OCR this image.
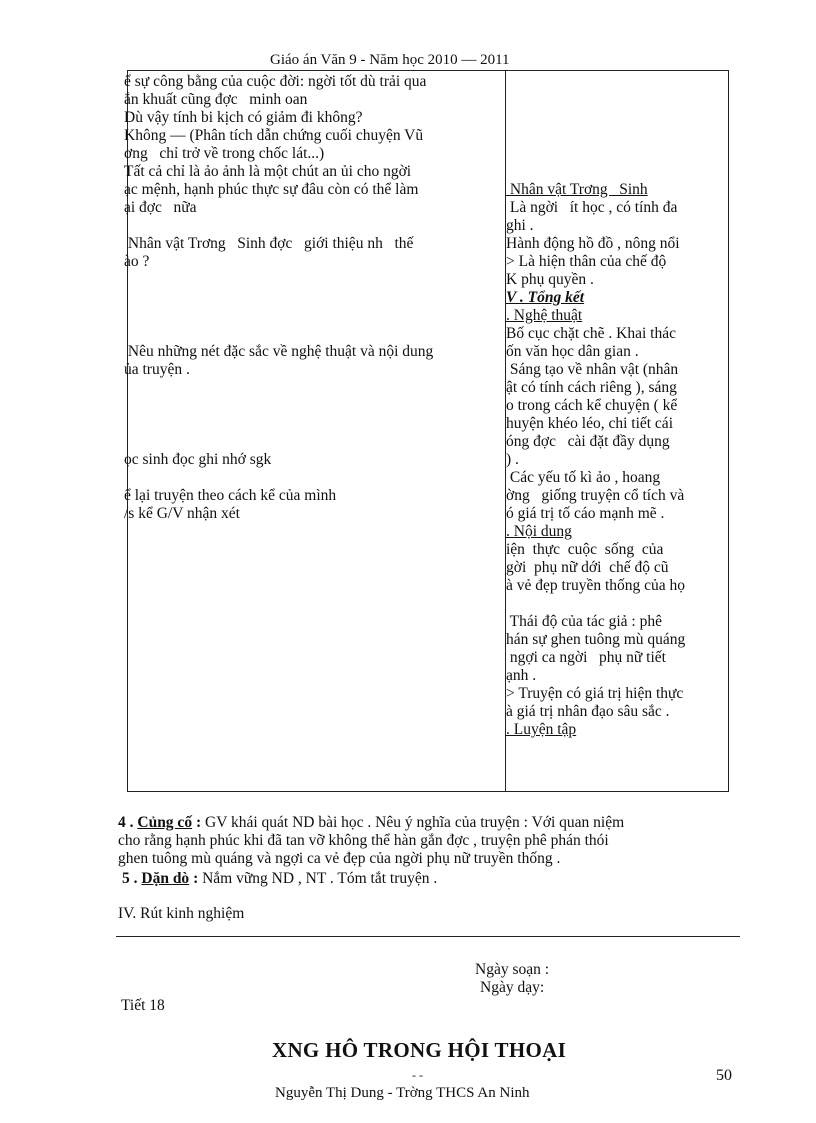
Giáo án Văn 9 - Năm học 2010 — 2011
ể sự công bằng của cuộc đời: ngời tốt dù trải qua
ắn khuất cũng đợc   minh oan
Dù vậy tính bi kịch có giảm đi không?
Không — (Phân tích dẫn chứng cuối chuyện Vũ
ơng   chỉ trở về trong chốc lát...)
Tất cả chỉ là ảo ảnh là một chút an ủi cho ngời
ạc mệnh, hạnh phúc thực sự đâu còn có thể làm
ại đợc   nữa
Nhân vật Trơng   Sinh đợc   giới thiệu nh   thế
ào ?
Nêu những nét đặc sắc về nghệ thuật và nội dung
ủa truyện .
ọc sinh đọc ghi nhớ sgk
ể lại truyện theo cách kể của mình
/s kể G/V nhận xét
Nhân vật Trơng   Sinh
Là ngời   ít học , có tính đa
ghi .
Hành động hồ đồ , nông nổi
> Là hiện thân của chế độ
K phụ quyền .
V . Tổng kết
. Nghệ thuật
Bố cục chặt chẽ . Khai thác
ốn văn học dân gian .
Sáng tạo về nhân vật (nhân
ật có tính cách riêng ), sáng
o trong cách kể chuyện ( kể
huyện khéo léo, chi tiết cái
óng đợc   cài đặt đầy dụng
) .
Các yếu tố kì ảo , hoang
ờng   giống truyện cổ tích và
ó giá trị tố cáo mạnh mẽ .
. Nội dung
iện  thực  cuộc  sống  của
gời  phụ nữ dới  chế độ cũ
à vẻ đẹp truyền thống của họ
Thái độ của tác giả : phê
hán sự ghen tuông mù quáng
ngợi ca ngời   phụ nữ tiết
ạnh .
> Truyện có giá trị hiện thực
à giá trị nhân đạo sâu sắc .
. Luyện tập
4 . Củng cố : GV khái quát ND bài học . Nêu ý nghĩa của truyện : Với quan niệm
cho rằng hạnh phúc khi đã tan vỡ không thể hàn gắn đợc , truyện phê phán thói
ghen tuông mù quáng và ngợi ca vẻ đẹp của ngời phụ nữ truyền thống .
5 . Dặn dò : Nắm vững ND , NT . Tóm tắt truyện .
IV. Rút kinh nghiệm
Ngày soạn :
Ngày dạy:
Tiết 18
XNG HÔ TRONG HỘI THOẠI
- -	50
Nguyễn Thị Dung - Trờng THCS An Ninh
